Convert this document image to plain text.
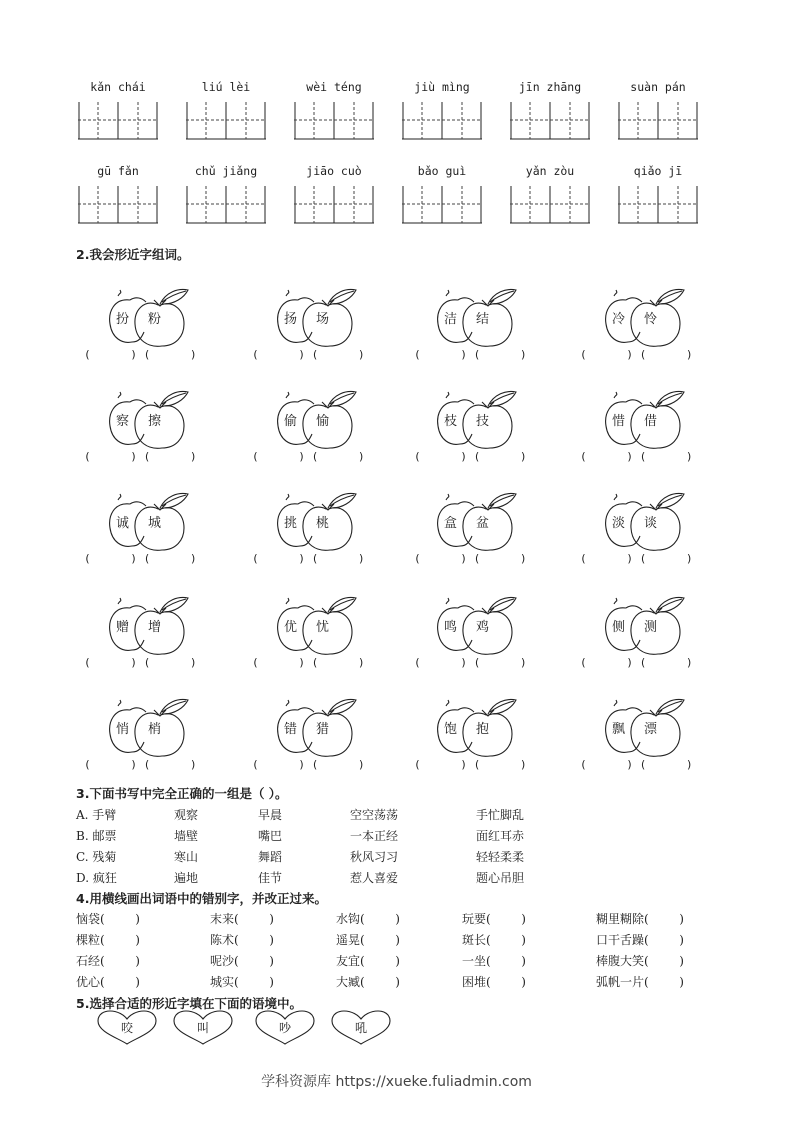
kǎn chái	liú lèi	wèi téng	jiù mìng	jīn zhāng	suàn pán
gū fǎn	chǔ jiǎng	jiāo cuò	bǎo guì	yǎn zòu	qiǎo jī
2.我会形近字组词。
扮 粉
(      ) (      )
扬 场
(      ) (      )
洁 结
(      ) (      )
冷 怜
(      ) (      )
察 擦
(      ) (      )
偷 愉
(      ) (      )
枝 技
(      ) (      )
惜 借
(      ) (      )
诚 城
(      ) (      )
挑 桃
(      ) (      )
盒 盆
(      ) (      )
淡 谈
(      ) (      )
赠 增
(      ) (      )
优 忧
(      ) (      )
鸣 鸡
(      ) (      )
侧 测
(      ) (      )
悄 梢
(      ) (      )
错 猎
(      ) (      )
饱 抱
(      ) (      )
飘 漂
(      ) (      )
3.下面书写中完全正确的一组是（ ）。
A. 手臂	观察	早晨	空空荡荡	手忙脚乱
B. 邮票	墙壁	嘴巴	一本正经	面红耳赤
C. 残菊	寒山	舞蹈	秋风习习	轻轻柔柔
D. 疯狂	遍地	佳节	惹人喜爱	题心吊胆
4.用横线画出词语中的错别字，并改正过来。
恼袋(        )	末来(        )	水钩(        )	玩要(        )	糊里糊除(        )
棵粒(        )	陈术(        )	遥晃(        )	斑长(        )	口干舌躁(        )
石经(        )	呢沙(        )	友宜(        )	一坐(        )	棒腹大笑(        )
优心(        )	城实(        )	大臧(        )	困堆(        )	弧帆一片(        )
5.选择合适的形近字填在下面的语境中。
咬	叫	吵	吼
学科资源库 https://xueke.fuliadmin.com
